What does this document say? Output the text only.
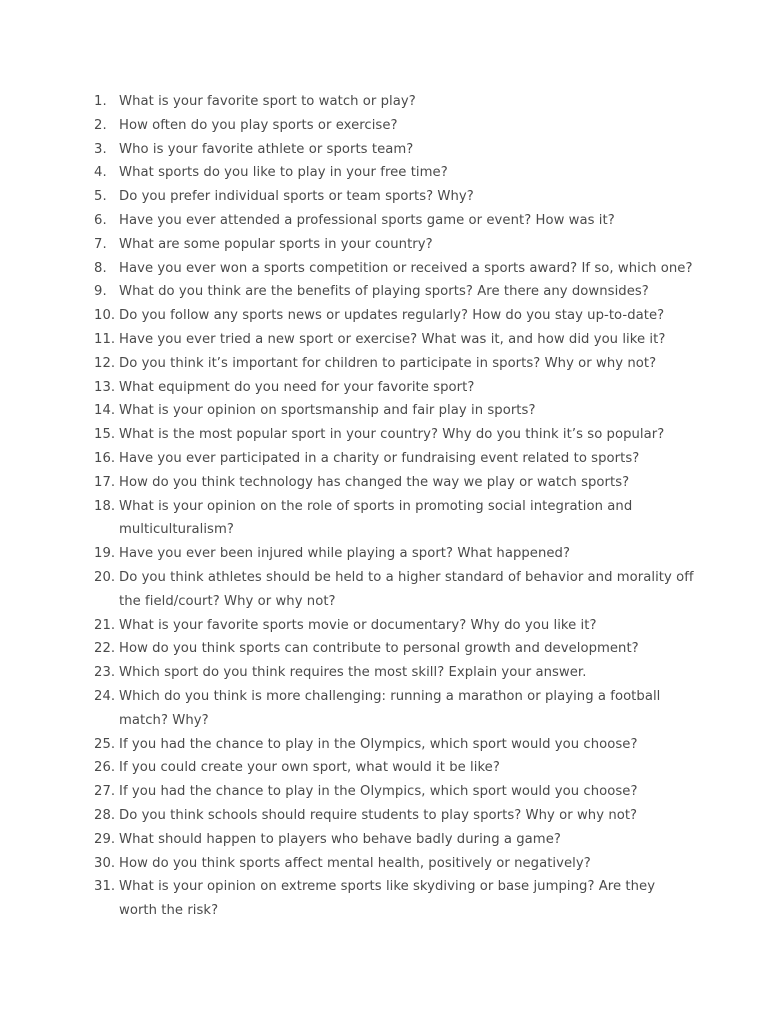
1. What is your favorite sport to watch or play?
2. How often do you play sports or exercise?
3. Who is your favorite athlete or sports team?
4. What sports do you like to play in your free time?
5. Do you prefer individual sports or team sports? Why?
6. Have you ever attended a professional sports game or event? How was it?
7. What are some popular sports in your country?
8. Have you ever won a sports competition or received a sports award? If so, which one?
9. What do you think are the benefits of playing sports? Are there any downsides?
10. Do you follow any sports news or updates regularly? How do you stay up-to-date?
11. Have you ever tried a new sport or exercise? What was it, and how did you like it?
12. Do you think it’s important for children to participate in sports? Why or why not?
13. What equipment do you need for your favorite sport?
14. What is your opinion on sportsmanship and fair play in sports?
15. What is the most popular sport in your country? Why do you think it’s so popular?
16. Have you ever participated in a charity or fundraising event related to sports?
17. How do you think technology has changed the way we play or watch sports?
18. What is your opinion on the role of sports in promoting social integration and multiculturalism?
19. Have you ever been injured while playing a sport? What happened?
20. Do you think athletes should be held to a higher standard of behavior and morality off the field/court? Why or why not?
21. What is your favorite sports movie or documentary? Why do you like it?
22. How do you think sports can contribute to personal growth and development?
23. Which sport do you think requires the most skill? Explain your answer.
24. Which do you think is more challenging: running a marathon or playing a football match? Why?
25. If you had the chance to play in the Olympics, which sport would you choose?
26. If you could create your own sport, what would it be like?
27. If you had the chance to play in the Olympics, which sport would you choose?
28. Do you think schools should require students to play sports? Why or why not?
29. What should happen to players who behave badly during a game?
30. How do you think sports affect mental health, positively or negatively?
31. What is your opinion on extreme sports like skydiving or base jumping? Are they worth the risk?
